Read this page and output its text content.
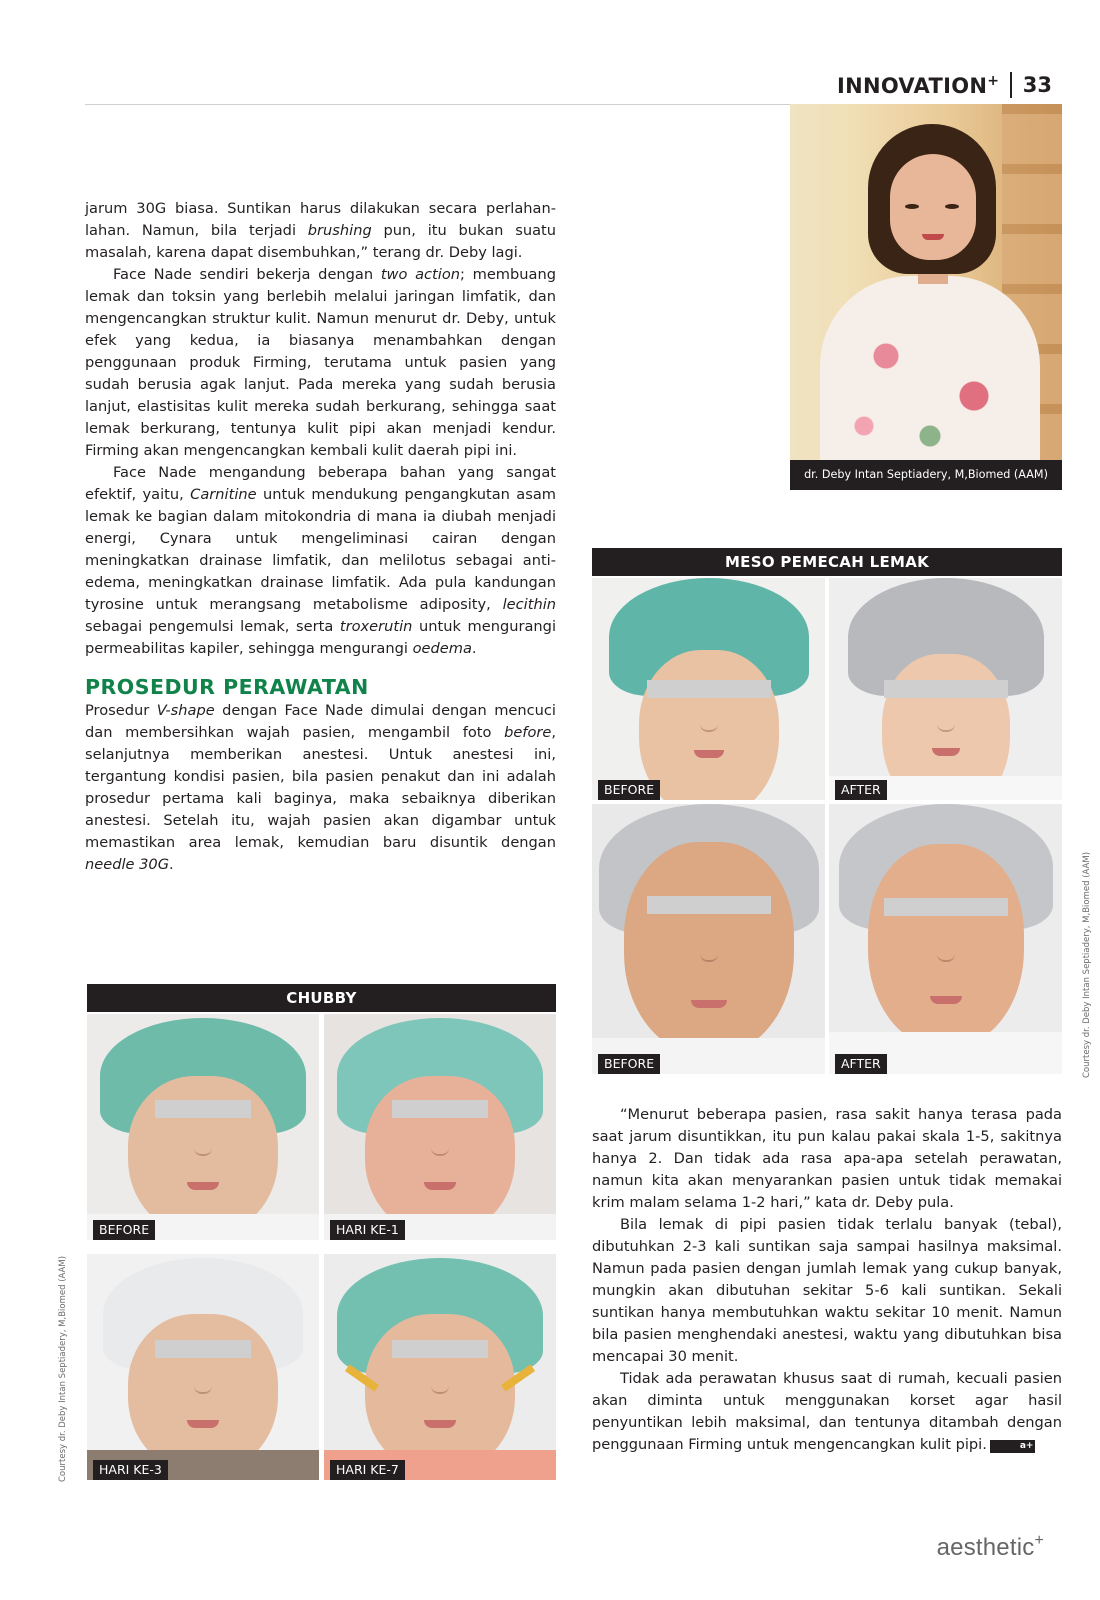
INNOVATION+ 33

jarum 30G biasa. Suntikan harus dilakukan secara perlahan-lahan. Namun, bila terjadi brushing pun, itu bukan suatu masalah, karena dapat disembuhkan,” terang dr. Deby lagi.

Face Nade sendiri bekerja dengan two action; membuang lemak dan toksin yang berlebih melalui jaringan limfatik, dan mengencangkan struktur kulit. Namun menurut dr. Deby, untuk efek yang kedua, ia biasanya menambahkan dengan penggunaan produk Firming, terutama untuk pasien yang sudah berusia agak lanjut. Pada mereka yang sudah berusia lanjut, elastisitas kulit mereka sudah berkurang, sehingga saat lemak berkurang, tentunya kulit pipi akan menjadi kendur. Firming akan mengencangkan kembali kulit daerah pipi ini.

Face Nade mengandung beberapa bahan yang sangat efektif, yaitu, Carnitine untuk mendukung pengangkutan asam lemak ke bagian dalam mitokondria di mana ia diubah menjadi energi, Cynara untuk mengeliminasi cairan dengan meningkatkan drainase limfatik, dan melilotus sebagai anti-edema, meningkatkan drainase limfatik. Ada pula kandungan tyrosine untuk merangsang metabolisme adiposity, lecithin sebagai pengemulsi lemak, serta troxerutin untuk mengurangi permeabilitas kapiler, sehingga mengurangi oedema.

PROSEDUR PERAWATAN

Prosedur V-shape dengan Face Nade dimulai dengan mencuci dan membersihkan wajah pasien, mengambil foto before, selanjutnya memberikan anestesi. Untuk anestesi ini, tergantung kondisi pasien, bila pasien penakut dan ini adalah prosedur pertama kali baginya, maka sebaiknya diberikan anestesi. Setelah itu, wajah pasien akan digambar untuk memastikan area lemak, kemudian baru disuntik dengan needle 30G.

dr. Deby Intan Septiadery, M,Biomed (AAM)
MESO PEMECAH LEMAK
BEFORE	AFTER
BEFORE	AFTER
CHUBBY
BEFORE	HARI KE-1
HARI KE-3	HARI KE-7
Courtesy dr. Deby Intan Septiadery, M,Biomed (AAM)
Courtesy dr. Deby Intan Septiadery, M,Biomed (AAM)

“Menurut beberapa pasien, rasa sakit hanya terasa pada saat jarum disuntikkan, itu pun kalau pakai skala 1-5, sakitnya hanya 2. Dan tidak ada rasa apa-apa setelah perawatan, namun kita akan menyarankan pasien untuk tidak memakai krim malam selama 1-2 hari,” kata dr. Deby pula.

Bila lemak di pipi pasien tidak terlalu banyak (tebal), dibutuhkan 2-3 kali suntikan saja sampai hasilnya maksimal. Namun pada pasien dengan jumlah lemak yang cukup banyak, mungkin akan dibutuhan sekitar 5-6 kali suntikan. Sekali suntikan hanya membutuhkan waktu sekitar 10 menit. Namun bila pasien menghendaki anestesi, waktu yang dibutuhkan bisa mencapai 30 menit.

Tidak ada perawatan khusus saat di rumah, kecuali pasien akan diminta untuk menggunakan korset agar hasil penyuntikan lebih maksimal, dan tentunya ditambah dengan penggunaan Firming untuk mengencangkan kulit pipi.	a+

aesthetic+
